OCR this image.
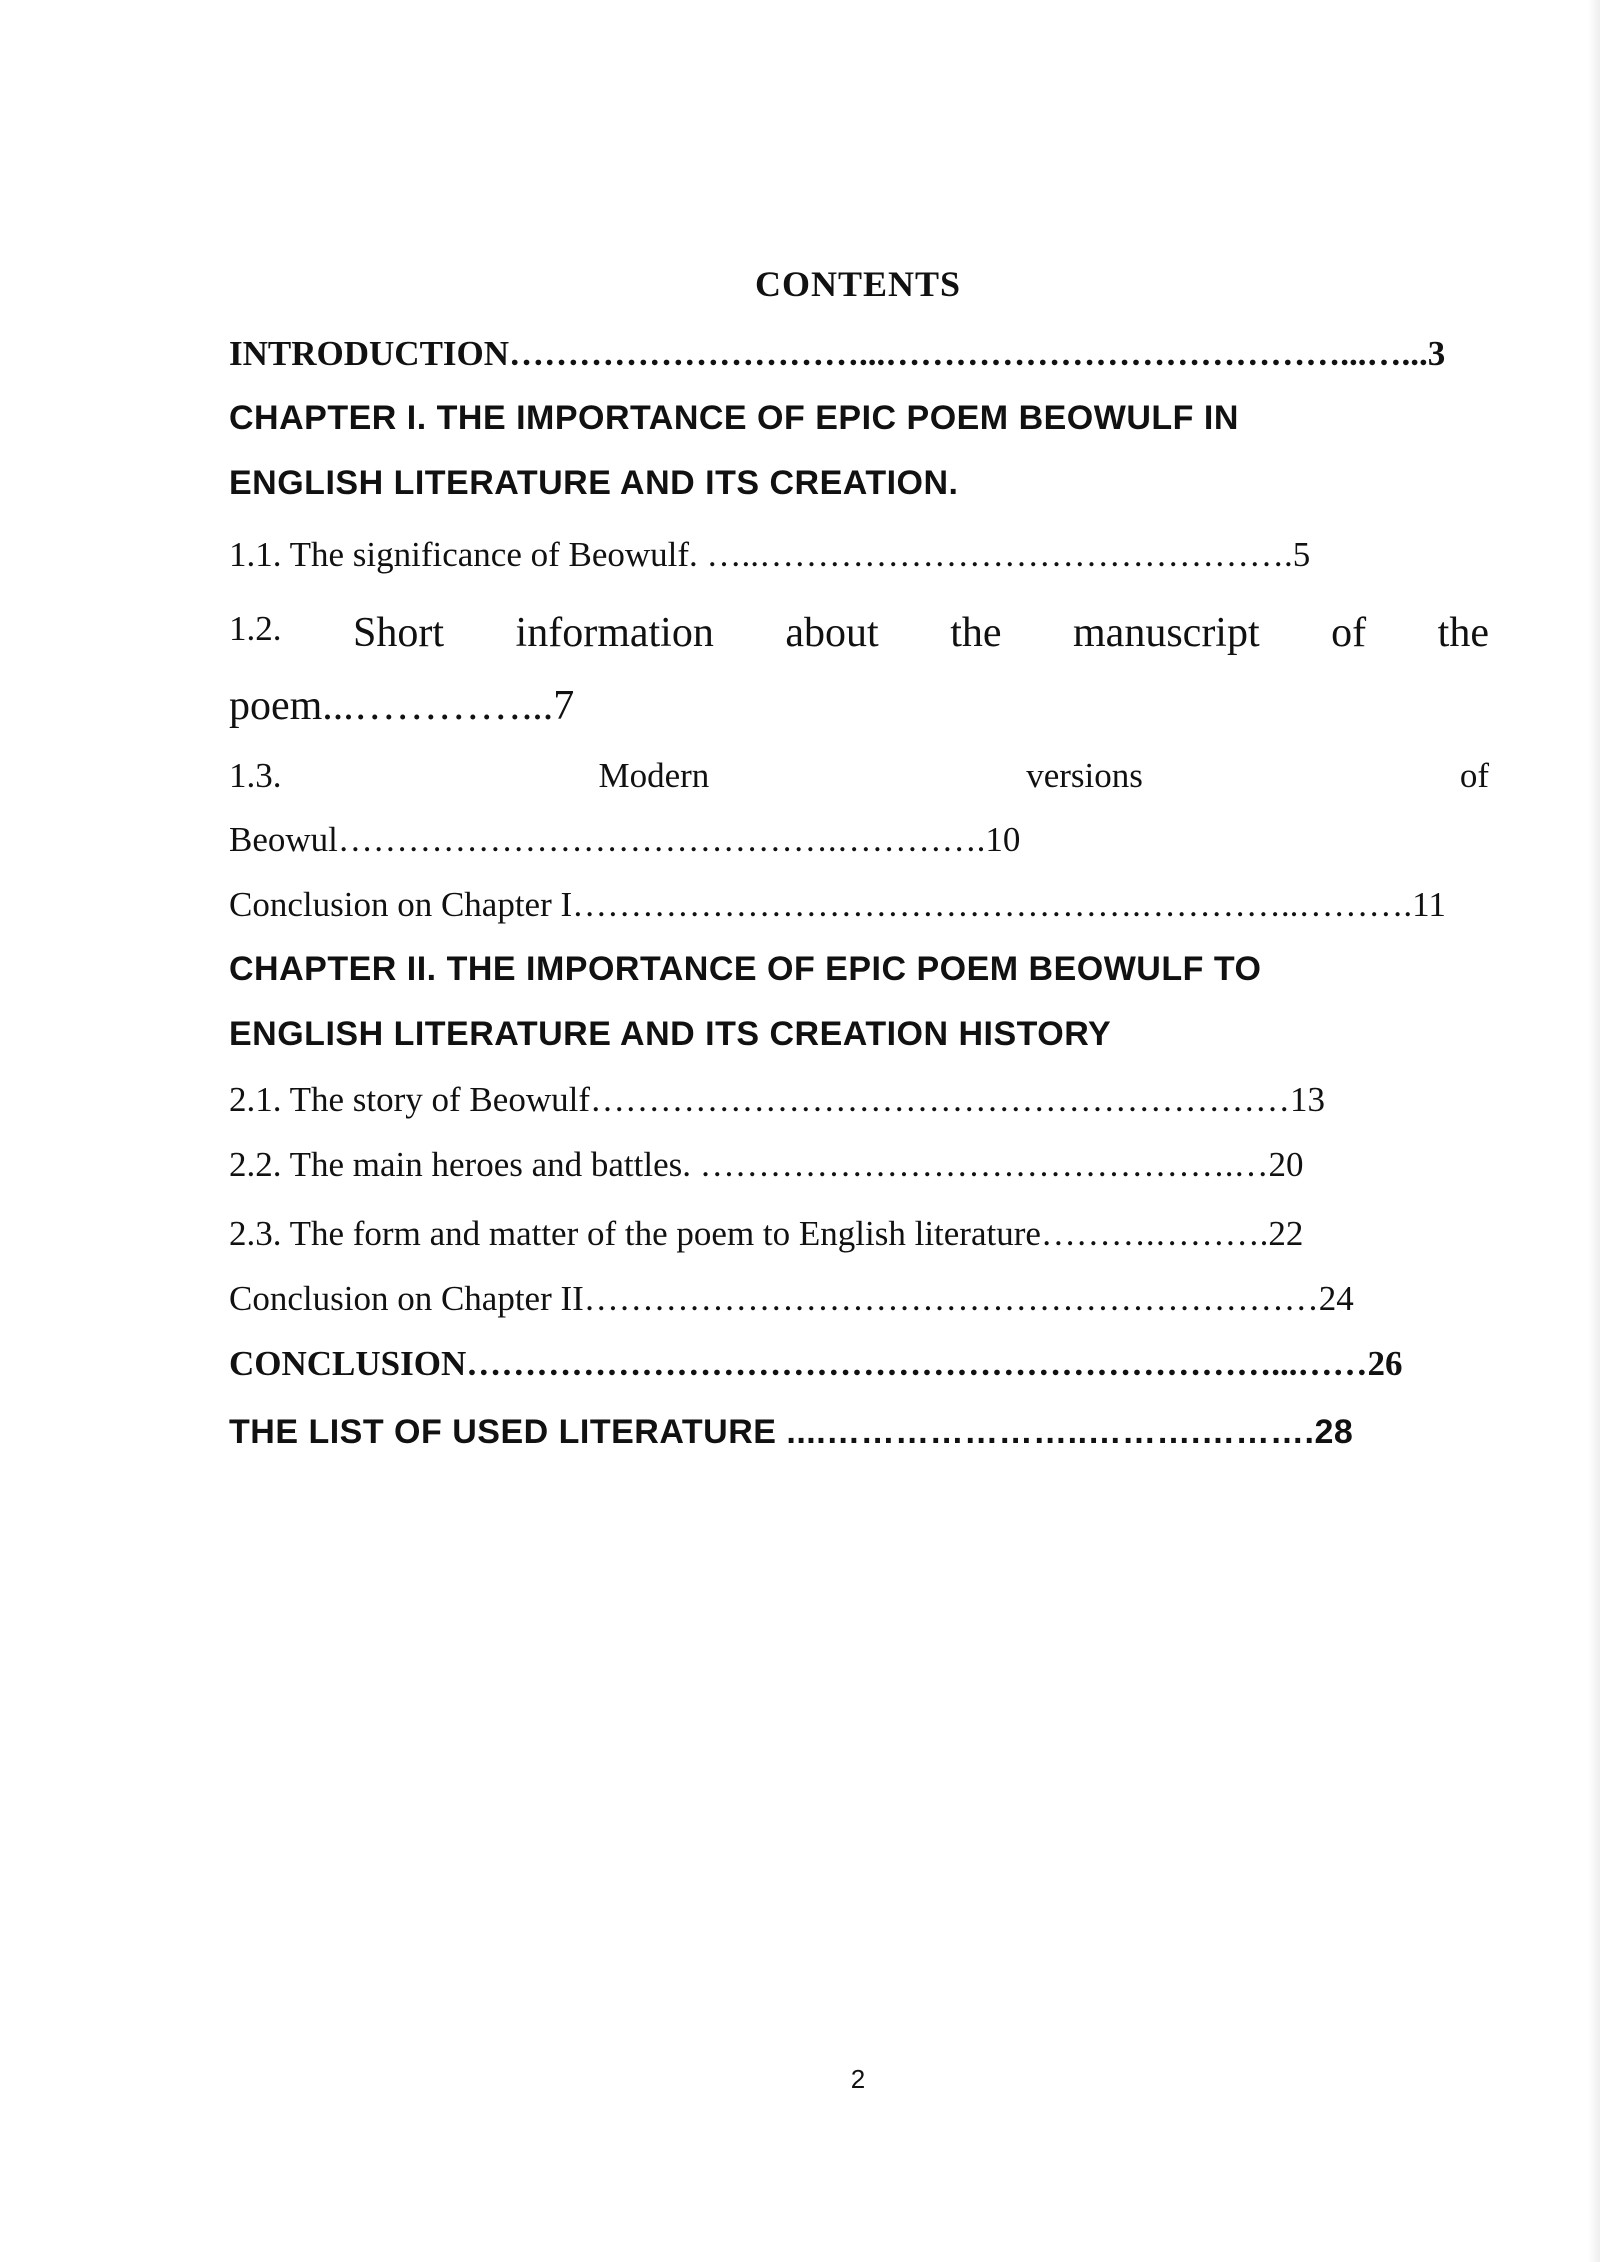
CONTENTS
INTRODUCTION…………………………...…………………………………...…...3
CHAPTER I. THE IMPORTANCE OF EPIC POEM BEOWULF IN
ENGLISH LITERATURE AND ITS CREATION.
1.1. The significance of Beowulf. …..……………………………………….5
1.2. Short information about the manuscript of the
poem...…………...7
1.3.	Modern	versions	of
Beowul…………………………………….………….10
Conclusion on Chapter I………………………………………….…………..……….11
CHAPTER II. THE IMPORTANCE OF EPIC POEM BEOWULF TO
ENGLISH LITERATURE AND ITS CREATION HISTORY
2.1. The story of Beowulf……………………………………………………13
2.2. The main heroes and battles. ……………………………………….…20
2.3. The form and matter of the poem to English literature……….……….22
Conclusion on Chapter II………………………………………………………24
CONCLUSION……………………………………………………………...……26
THE LIST OF USED LITERATURE ....…………………..……….……….28
2
